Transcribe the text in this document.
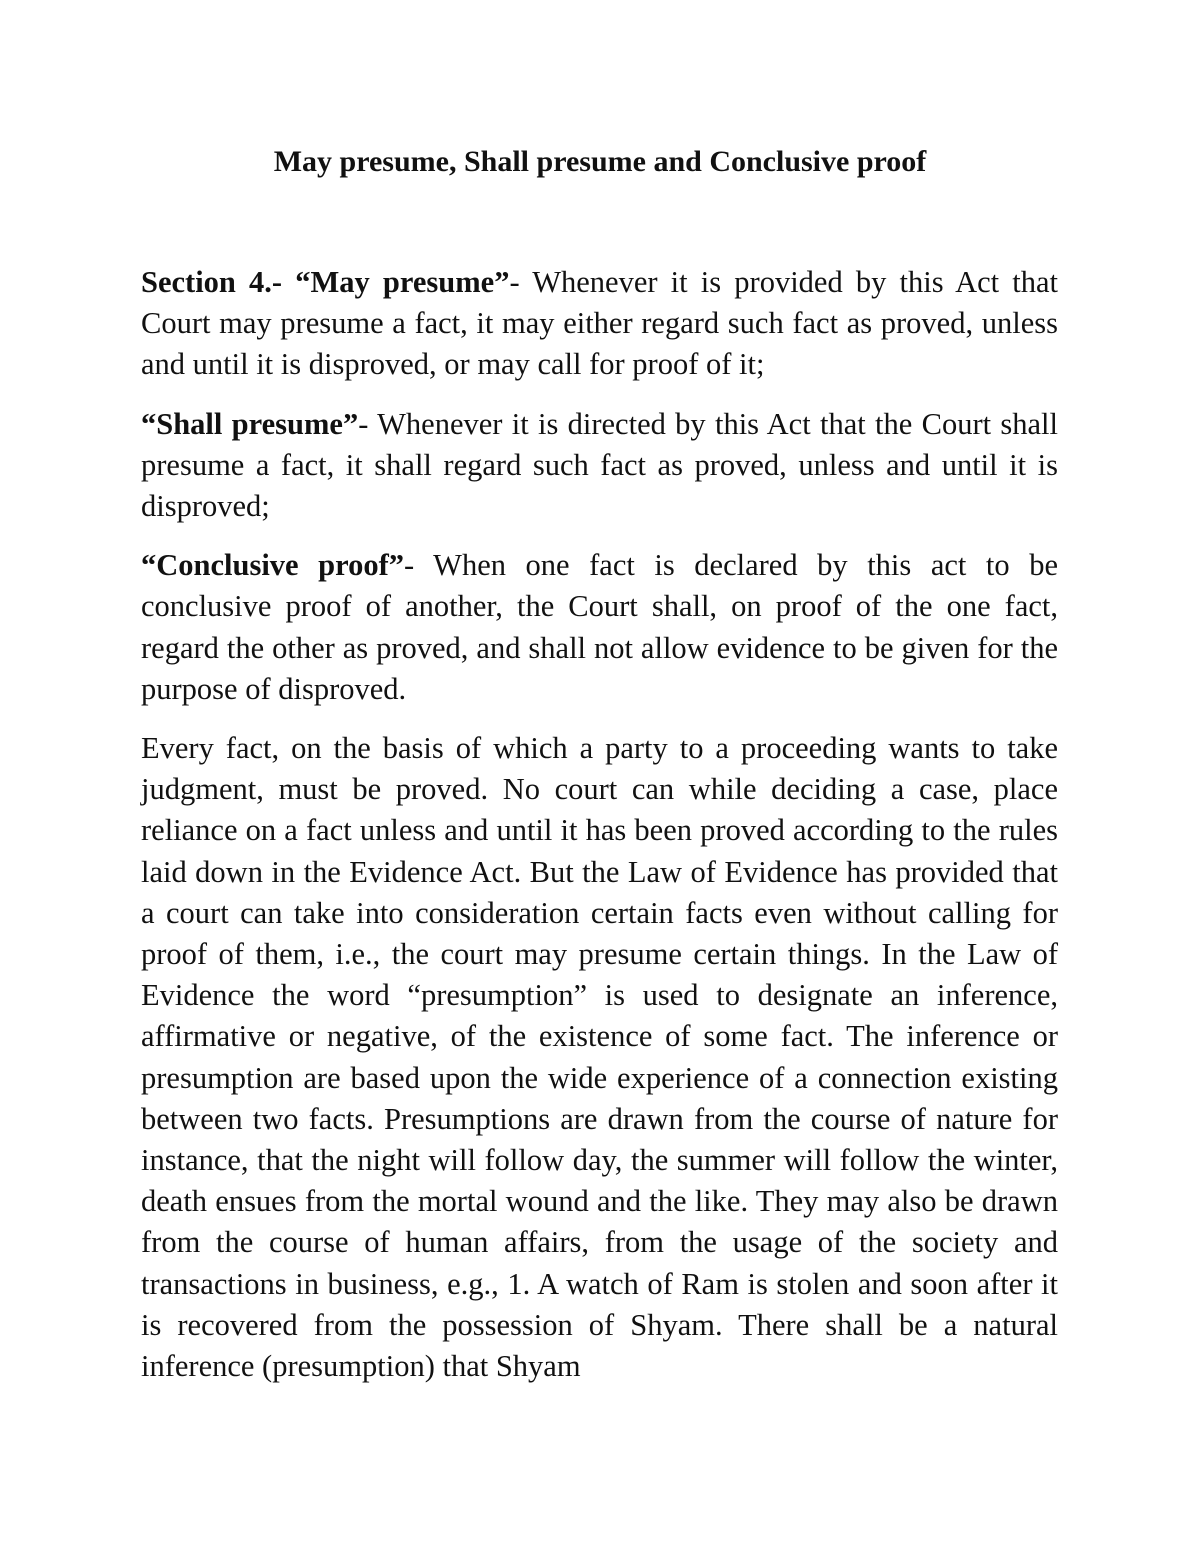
May presume, Shall presume and Conclusive proof

Section 4.- “May presume”- Whenever it is provided by this Act that Court may presume a fact, it may either regard such fact as proved, unless and until it is disproved, or may call for proof of it;

“Shall presume”- Whenever it is directed by this Act that the Court shall presume a fact, it shall regard such fact as proved, unless and until it is disproved;

“Conclusive proof”- When one fact is declared by this act to be conclusive proof of another, the Court shall, on proof of the one fact, regard the other as proved, and shall not allow evidence to be given for the purpose of disproved.

Every fact, on the basis of which a party to a proceeding wants to take judgment, must be proved. No court can while deciding a case, place reliance on a fact unless and until it has been proved according to the rules laid down in the Evidence Act. But the Law of Evidence has provided that a court can take into consideration certain facts even without calling for proof of them, i.e., the court may presume certain things. In the Law of Evidence the word “presumption” is used to designate an inference, affirmative or negative, of the existence of some fact. The inference or presumption are based upon the wide experience of a connection existing between two facts. Presumptions are drawn from the course of nature for instance, that the night will follow day, the summer will follow the winter, death ensues from the mortal wound and the like. They may also be drawn from the course of human affairs, from the usage of the society and transactions in business, e.g., 1. A watch of Ram is stolen and soon after it is recovered from the possession of Shyam. There shall be a natural inference (presumption) that Shyam
